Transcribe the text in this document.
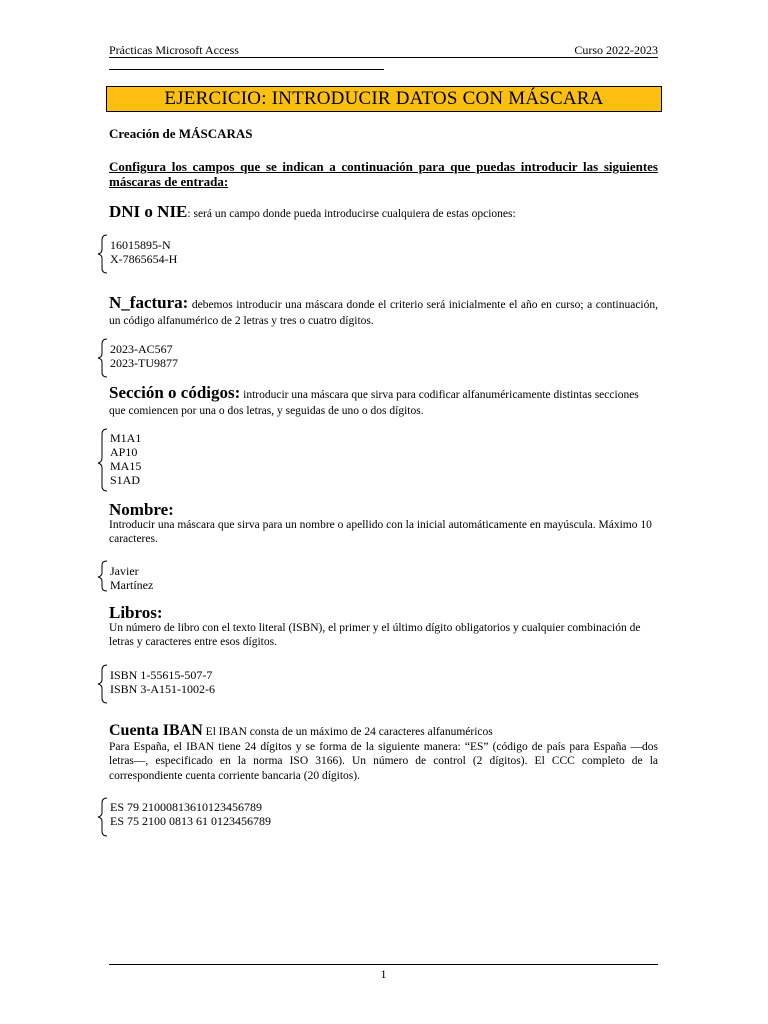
Prácticas Microsoft Access	Curso 2022-2023
EJERCICIO: INTRODUCIR DATOS CON MÁSCARA
Creación de MÁSCARAS
Configura los campos que se indican a continuación para que puedas introducir las siguientes máscaras de entrada:
DNI o NIE: será un campo donde pueda introducirse cualquiera de estas opciones:
16015895-N
X-7865654-H
N_factura: debemos introducir una máscara donde el criterio será inicialmente el año en curso; a continuación, un código alfanumérico de 2 letras y tres o cuatro dígitos.
2023-AC567
2023-TU9877
Sección o códigos: introducir una máscara que sirva para codificar alfanuméricamente distintas secciones que comiencen por una o dos letras, y seguidas de uno o dos dígitos.
M1A1
AP10
MA15
S1AD
Nombre:
Introducir una máscara que sirva para un nombre o apellido con la inicial automáticamente en mayúscula. Máximo 10 caracteres.
Javier
Martínez
Libros:
Un número de libro con el texto literal (ISBN), el primer y el último dígito obligatorios y cualquier combinación de letras y caracteres entre esos dígitos.
ISBN 1-55615-507-7
ISBN 3-A151-1002-6
Cuenta IBAN El IBAN consta de un máximo de 24 caracteres alfanuméricos
Para España, el IBAN tiene 24 dígitos y se forma de la siguiente manera: “ES” (código de país para España —dos letras—, especificado en la norma ISO 3166). Un número de control (2 dígitos). El CCC completo de la correspondiente cuenta corriente bancaria (20 dígitos).
ES 79 21000813610123456789
ES 75 2100 0813 61 0123456789
1
